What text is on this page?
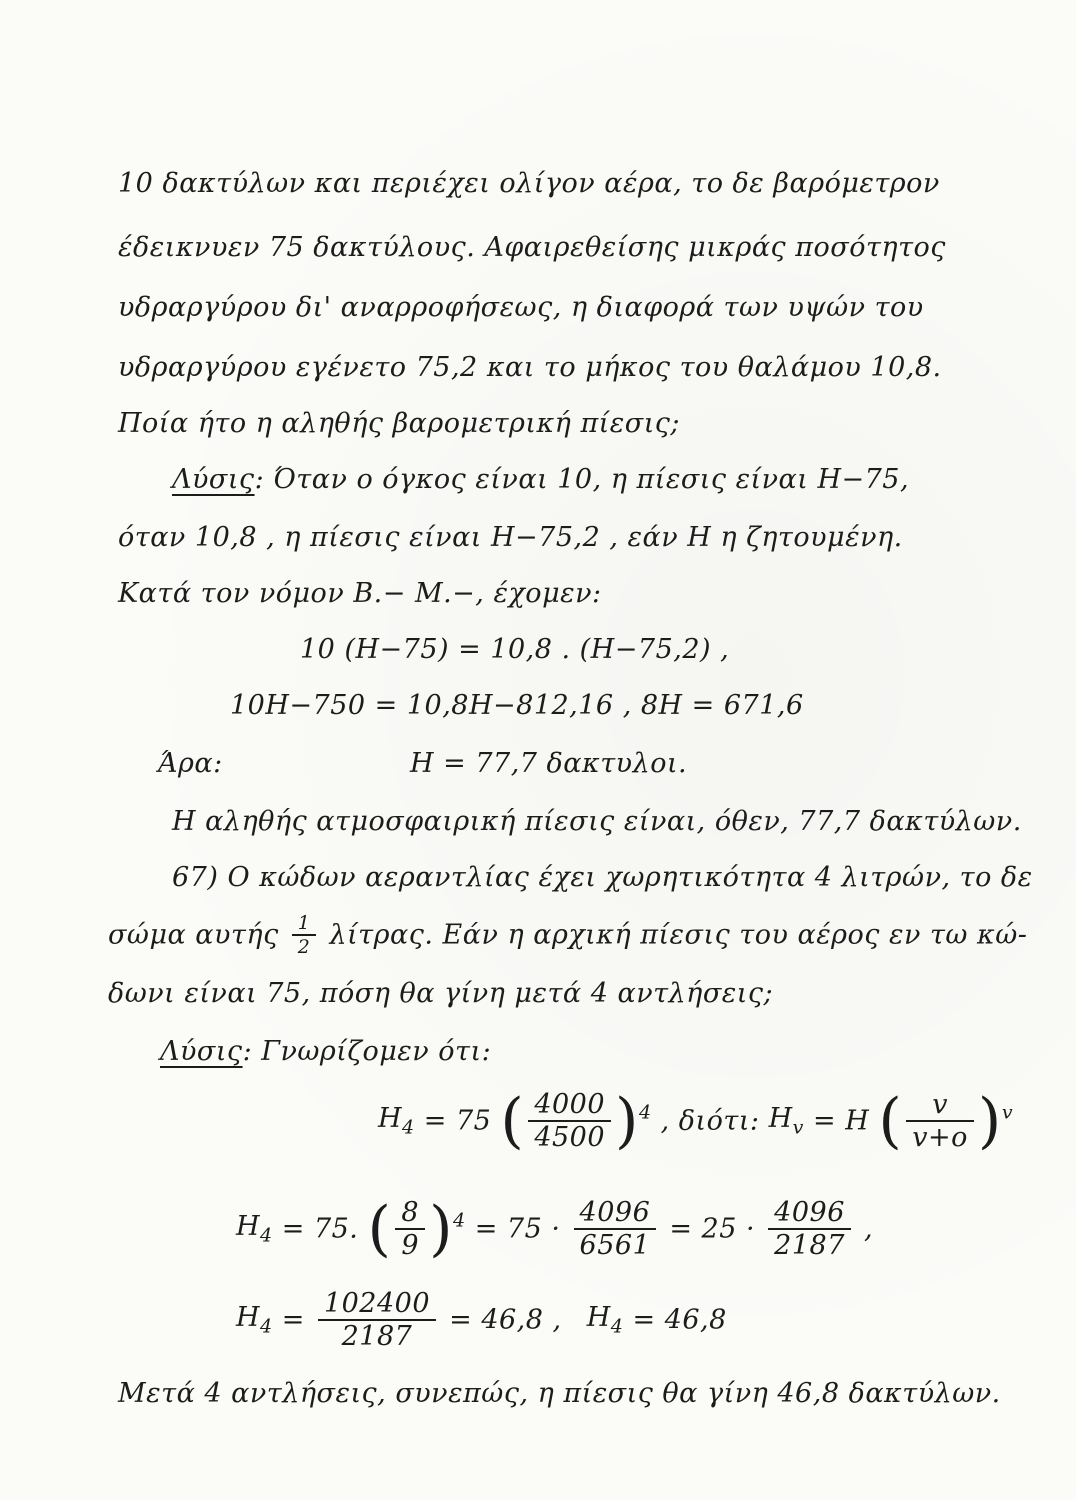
10 δακτύλων και περιέχει ολίγον αέρα, το δε βαρόμετρον
έδεικνυεν 75 δακτύλους. Αφαιρεθείσης μικράς ποσότητος
υδραργύρου δι' αναρροφήσεως, η διαφορά των υψών του
υδραργύρου εγένετο 75,2 και το μήκος του θαλάμου 10,8.
Ποία ήτο η αληθής βαρομετρική πίεσις;
Λύσις: Όταν ο όγκος είναι 10, η πίεσις είναι H−75,
όταν 10,8 , η πίεσις είναι H−75,2 , εάν H η ζητουμένη.
Κατά τον νόμον B.− M.−, έχομεν:
10 (H−75) = 10,8 . (H−75,2) ,
10H−750 = 10,8H−812,16 , 8H = 671,6
Άρα:	H = 77,7 δακτυλοι.
Η αληθής ατμοσφαιρική πίεσις είναι, όθεν, 77,7 δακτύλων.
67) Ο κώδων αεραντλίας έχει χωρητικότητα 4 λιτρών, το δε
σώμα αυτής $\frac{1}{2} \lambda ί\tau\rho\alpha\varsigma$. Εάν η αρχική πίεσις του αέρος εν τω κώ-
δωνι είναι 75, πόση θα γίνη μετά 4 αντλήσεις;
Λύσις: Γνωρίζομεν ότι:
$H_4 = 75$ ( $\frac{4000}{4500} )^4$ , διότι: $H_v = H$ ( $\frac{v}{v+o} )^v$
$H_4 = 75$. ( $\frac{8}{9} )^4 = 75 \cdot \frac{4096}{6561} = 25 \cdot \frac{4096}{2187}$ ,
$H_4 = \frac{102400}{2187} = 46,8$ , $H_4 = 46,8$
Μετά 4 αντλήσεις, συνεπώς, η πίεσις θα γίνη 46,8 δακτύλων.
